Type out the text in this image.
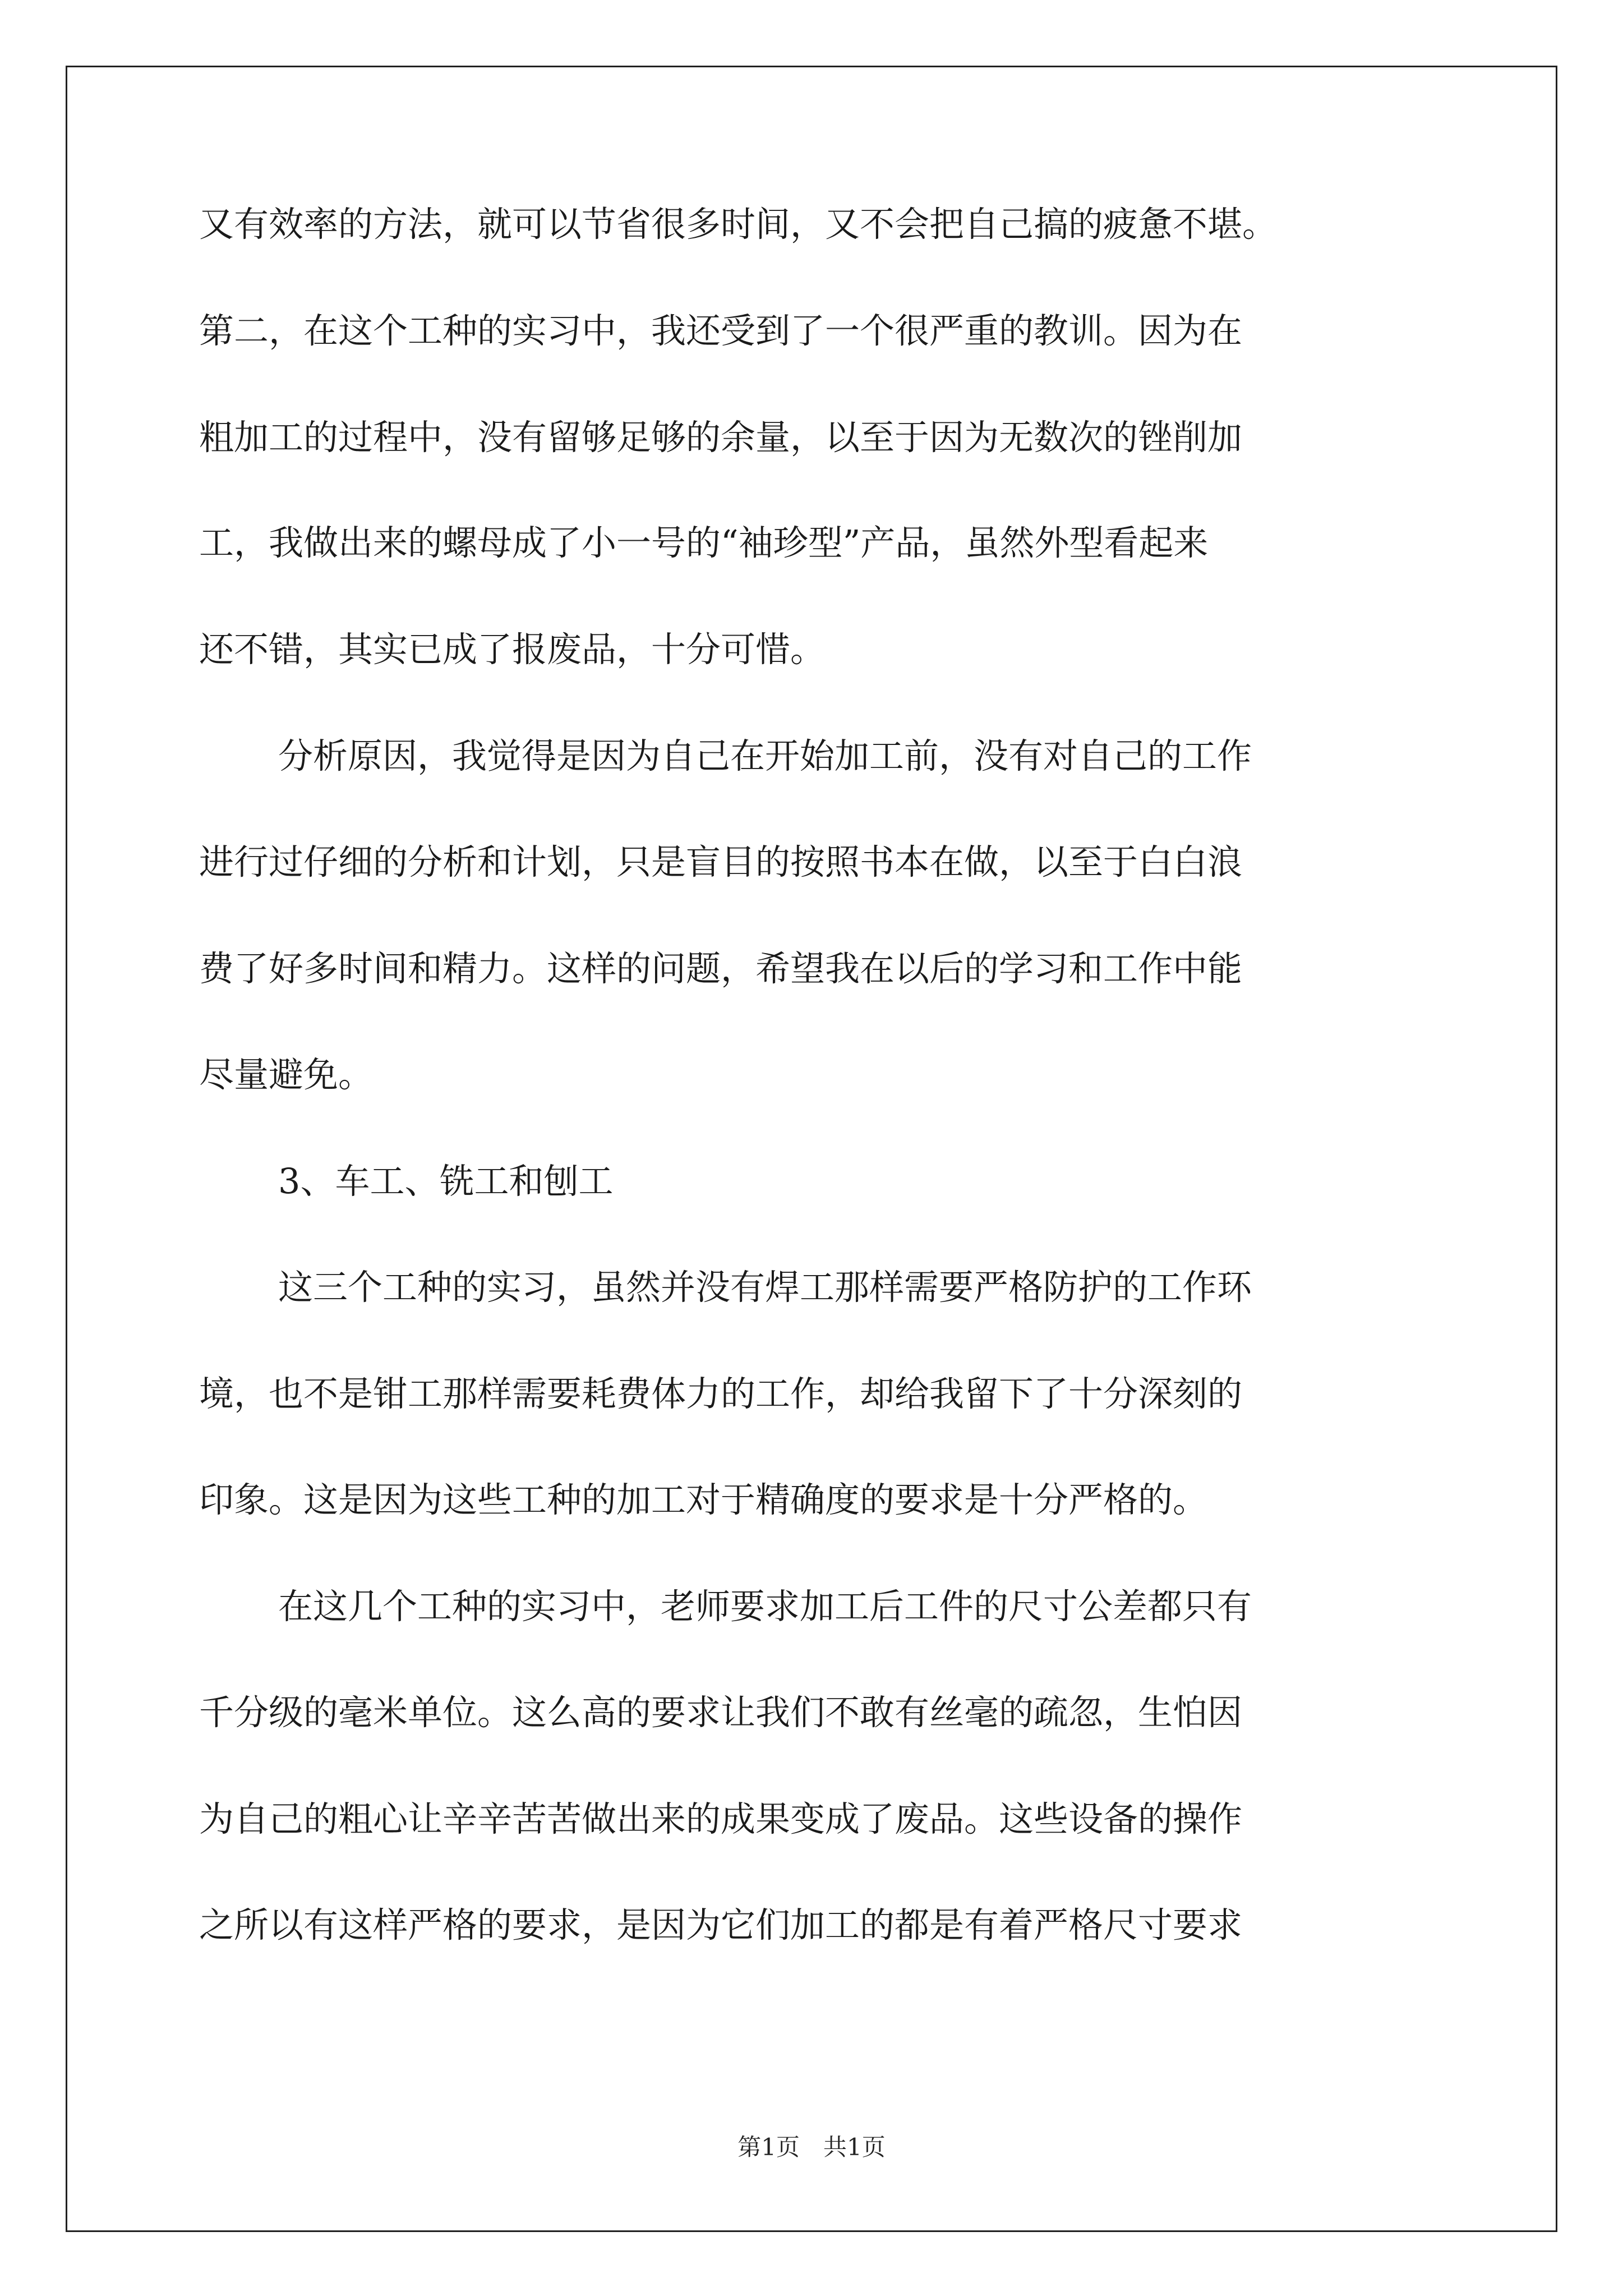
又有效率的方法，就可以节省很多时间，又不会把自己搞的疲惫不堪。
第二，在这个工种的实习中，我还受到了一个很严重的教训。因为在
粗加工的过程中，没有留够足够的余量，以至于因为无数次的锉削加
工，我做出来的螺母成了小一号的“袖珍型”产品，虽然外型看起来
还不错，其实已成了报废品，十分可惜。
分析原因，我觉得是因为自己在开始加工前，没有对自己的工作
进行过仔细的分析和计划，只是盲目的按照书本在做，以至于白白浪
费了好多时间和精力。这样的问题，希望我在以后的学习和工作中能
尽量避免。
3、车工、铣工和刨工
这三个工种的实习，虽然并没有焊工那样需要严格防护的工作环
境，也不是钳工那样需要耗费体力的工作，却给我留下了十分深刻的
印象。这是因为这些工种的加工对于精确度的要求是十分严格的。
在这几个工种的实习中，老师要求加工后工件的尺寸公差都只有
千分级的毫米单位。这么高的要求让我们不敢有丝毫的疏忽，生怕因
为自己的粗心让辛辛苦苦做出来的成果变成了废品。这些设备的操作
之所以有这样严格的要求，是因为它们加工的都是有着严格尺寸要求
第1页　共1页
